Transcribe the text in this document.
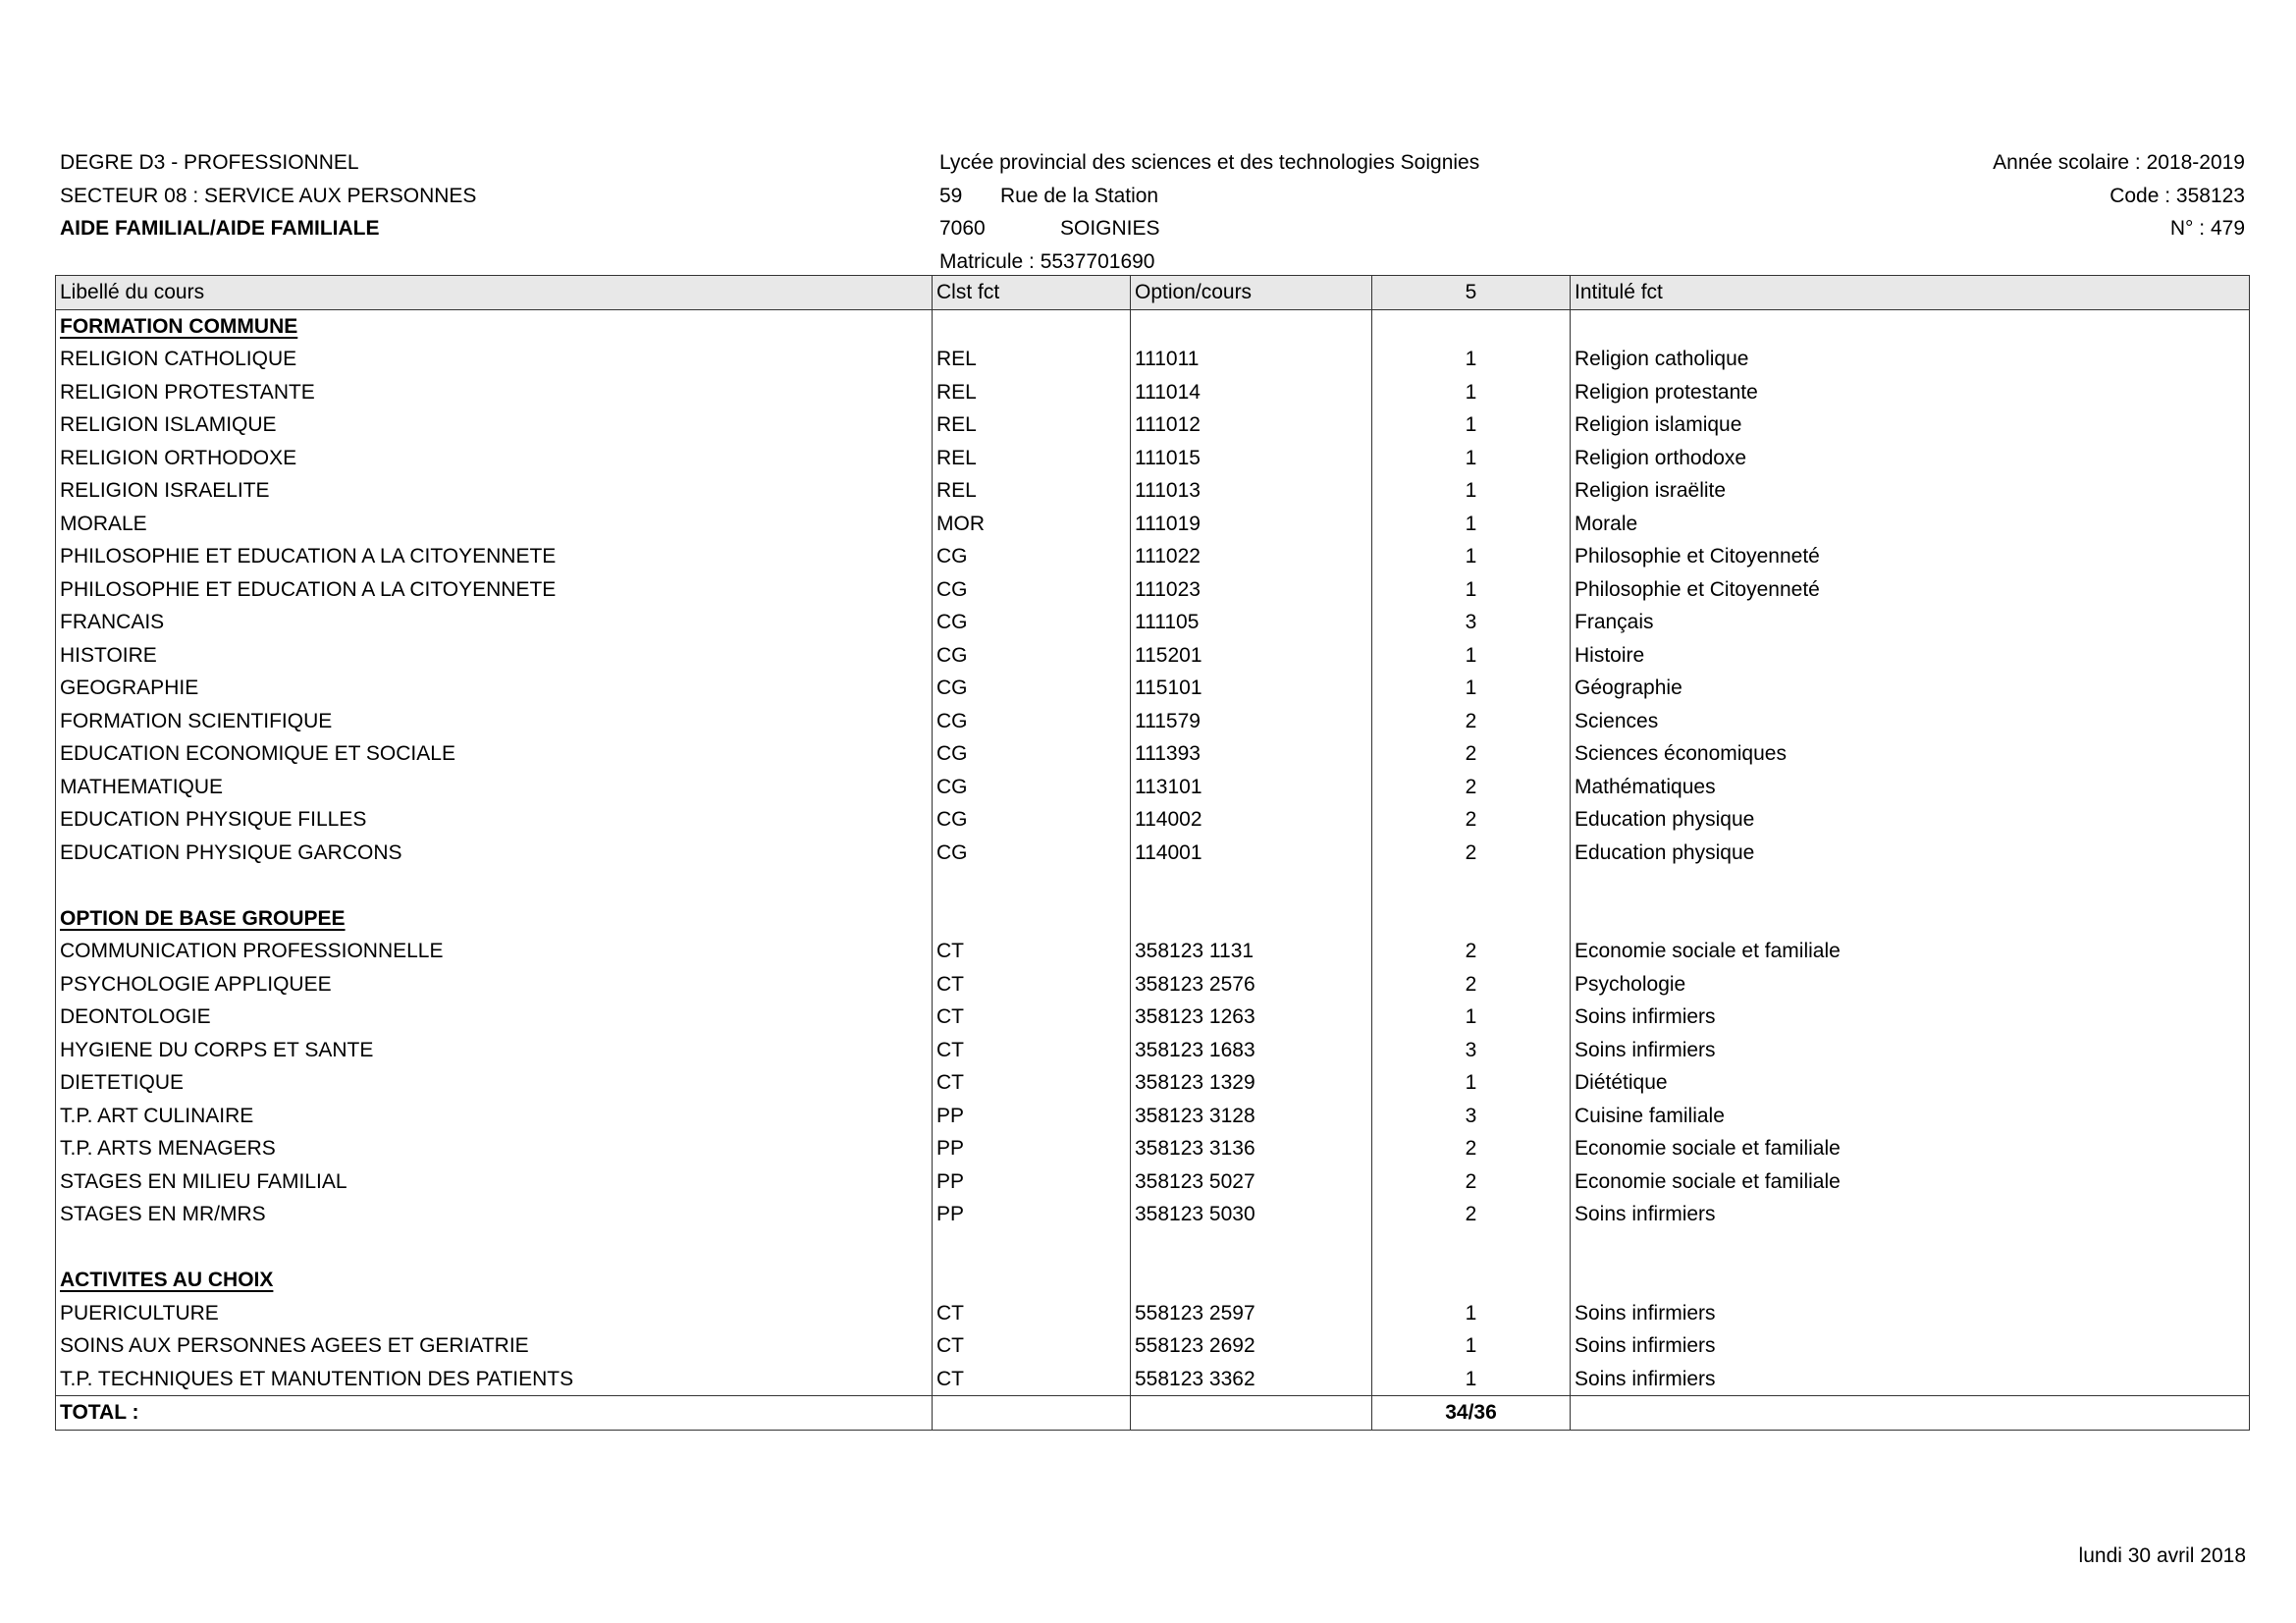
DEGRE D3 - PROFESSIONNEL
SECTEUR 08 : SERVICE AUX PERSONNES
AIDE FAMILIAL/AIDE FAMILIALE
Lycée provincial des sciences et des technologies Soignies
59 Rue de la Station
7060	SOIGNIES
Matricule : 5537701690
Année scolaire : 2018-2019
Code : 358123
N° : 479
Libellé du cours	Clst fct	Option/cours	5	Intitulé fct
FORMATION COMMUNE				
RELIGION CATHOLIQUE	REL	111011	1	Religion catholique
RELIGION PROTESTANTE	REL	111014	1	Religion protestante
RELIGION ISLAMIQUE	REL	111012	1	Religion islamique
RELIGION ORTHODOXE	REL	111015	1	Religion orthodoxe
RELIGION ISRAELITE	REL	111013	1	Religion israëlite
MORALE	MOR	111019	1	Morale
PHILOSOPHIE ET EDUCATION A LA CITOYENNETE	CG	111022	1	Philosophie et Citoyenneté
PHILOSOPHIE ET EDUCATION A LA CITOYENNETE	CG	111023	1	Philosophie et Citoyenneté
FRANCAIS	CG	111105	3	Français
HISTOIRE	CG	115201	1	Histoire
GEOGRAPHIE	CG	115101	1	Géographie
FORMATION SCIENTIFIQUE	CG	111579	2	Sciences
EDUCATION ECONOMIQUE ET SOCIALE	CG	111393	2	Sciences économiques
MATHEMATIQUE	CG	113101	2	Mathématiques
EDUCATION PHYSIQUE FILLES	CG	114002	2	Education physique
EDUCATION PHYSIQUE GARCONS	CG	114001	2	Education physique

OPTION DE BASE GROUPEE				
COMMUNICATION PROFESSIONNELLE	CT	358123 1131	2	Economie sociale et familiale
PSYCHOLOGIE APPLIQUEE	CT	358123 2576	2	Psychologie
DEONTOLOGIE	CT	358123 1263	1	Soins infirmiers
HYGIENE DU CORPS ET SANTE	CT	358123 1683	3	Soins infirmiers
DIETETIQUE	CT	358123 1329	1	Diététique
T.P. ART CULINAIRE	PP	358123 3128	3	Cuisine familiale
T.P. ARTS MENAGERS	PP	358123 3136	2	Economie sociale et familiale
STAGES EN MILIEU FAMILIAL	PP	358123 5027	2	Economie sociale et familiale
STAGES EN MR/MRS	PP	358123 5030	2	Soins infirmiers

ACTIVITES AU CHOIX				
PUERICULTURE	CT	558123 2597	1	Soins infirmiers
SOINS AUX PERSONNES AGEES ET GERIATRIE	CT	558123 2692	1	Soins infirmiers
T.P. TECHNIQUES ET MANUTENTION DES PATIENTS	CT	558123 3362	1	Soins infirmiers
TOTAL :			34/36	
lundi 30 avril 2018
